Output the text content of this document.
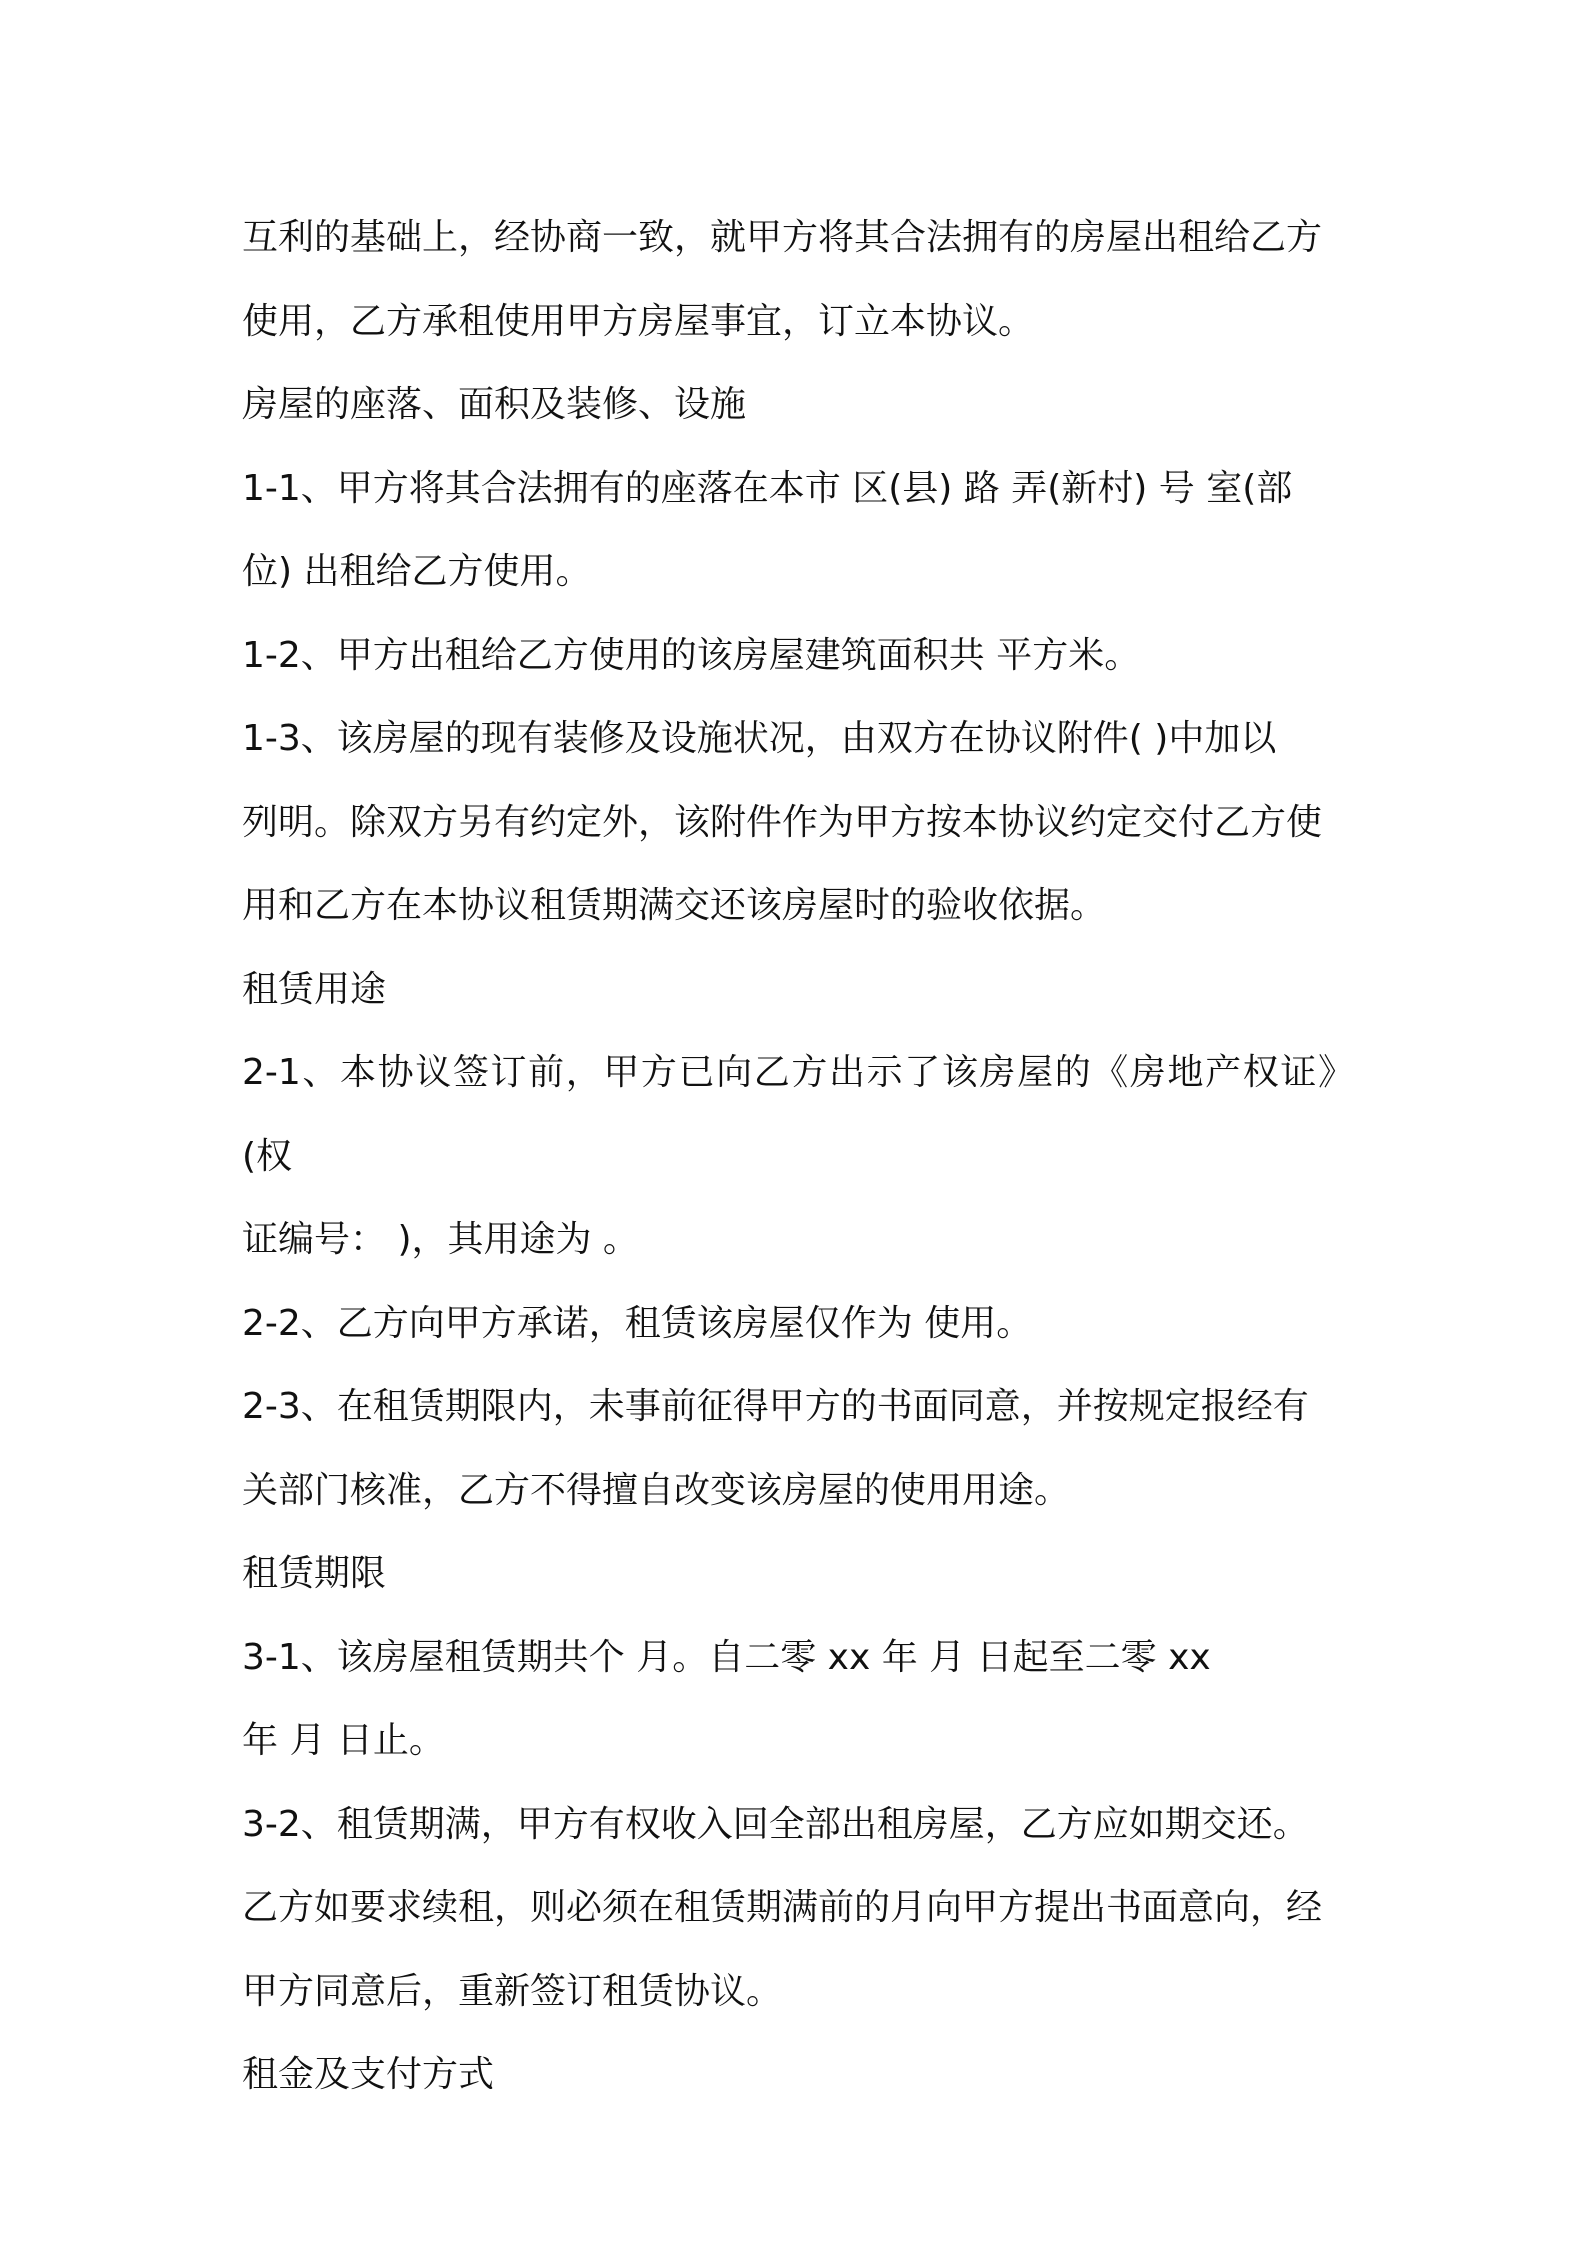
互利的基础上，经协商一致，就甲方将其合法拥有的房屋出租给乙方

使用，乙方承租使用甲方房屋事宜，订立本协议。

房屋的座落、面积及装修、设施

1-1、甲方将其合法拥有的座落在本市 区(县) 路 弄(新村) 号 室(部

位) 出租给乙方使用。

1-2、甲方出租给乙方使用的该房屋建筑面积共 平方米。

1-3、该房屋的现有装修及设施状况，由双方在协议附件( )中加以

列明。除双方另有约定外，该附件作为甲方按本协议约定交付乙方使

用和乙方在本协议租赁期满交还该房屋时的验收依据。

租赁用途

2-1、本协议签订前，甲方已向乙方出示了该房屋的《房地产权证》(权

证编号： )，其用途为 。

2-2、乙方向甲方承诺，租赁该房屋仅作为 使用。

2-3、在租赁期限内，未事前征得甲方的书面同意，并按规定报经有

关部门核准，乙方不得擅自改变该房屋的使用用途。

租赁期限

3-1、该房屋租赁期共个 月。自二零 xx 年 月 日起至二零 xx

年 月 日止。

3-2、租赁期满，甲方有权收入回全部出租房屋，乙方应如期交还。

乙方如要求续租，则必须在租赁期满前的月向甲方提出书面意向，经

甲方同意后，重新签订租赁协议。

租金及支付方式
